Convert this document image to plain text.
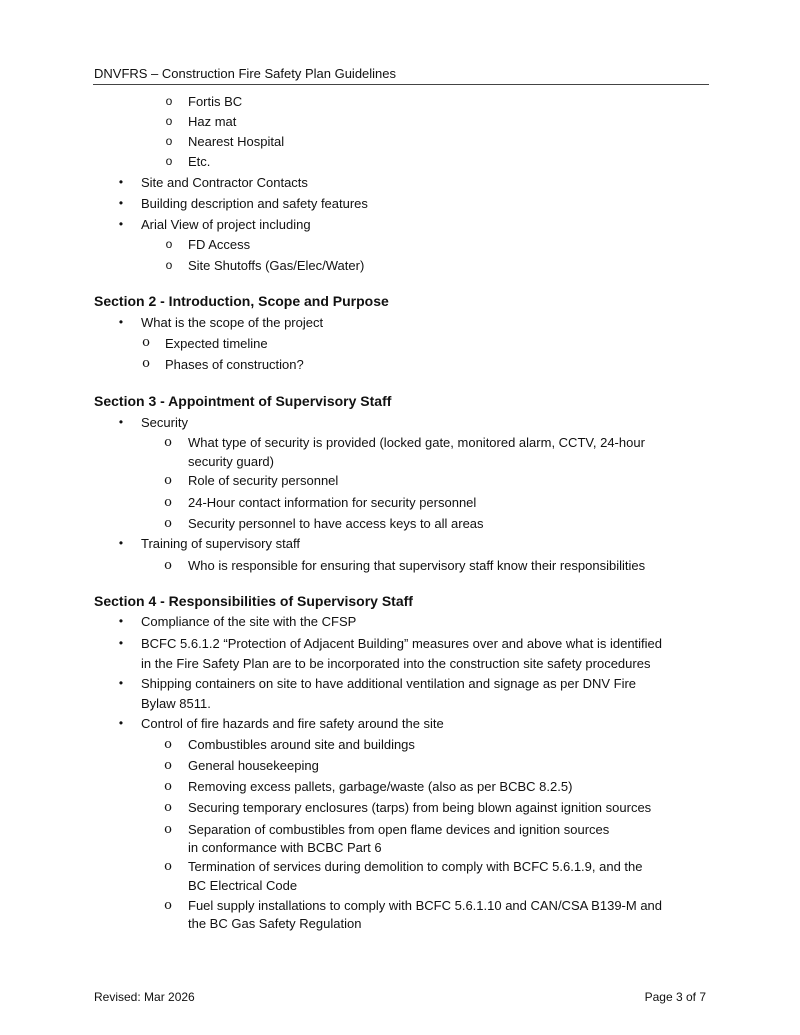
DNVFRS – Construction Fire Safety Plan Guidelines
o Fortis BC
o Haz mat
o Nearest Hospital
o Etc.
• Site and Contractor Contacts
• Building description and safety features
• Arial View of project including
o FD Access
o Site Shutoffs (Gas/Elec/Water)
Section 2 - Introduction, Scope and Purpose
• What is the scope of the project
ο Expected timeline
ο Phases of construction?
Section 3 - Appointment of Supervisory Staff
• Security
ο What type of security is provided (locked gate, monitored alarm, CCTV, 24-hour
security guard)
ο Role of security personnel
ο 24-Hour contact information for security personnel
ο Security personnel to have access keys to all areas
• Training of supervisory staff
ο Who is responsible for ensuring that supervisory staff know their responsibilities
Section 4 - Responsibilities of Supervisory Staff
• Compliance of the site with the CFSP
• BCFC 5.6.1.2 “Protection of Adjacent Building” measures over and above what is identified
in the Fire Safety Plan are to be incorporated into the construction site safety procedures
• Shipping containers on site to have additional ventilation and signage as per DNV Fire
Bylaw 8511.
• Control of fire hazards and fire safety around the site
ο Combustibles around site and buildings
ο General housekeeping
ο Removing excess pallets, garbage/waste (also as per BCBC 8.2.5)
ο Securing temporary enclosures (tarps) from being blown against ignition sources
ο Separation of combustibles from open flame devices and ignition sources
in conformance with BCBC Part 6
ο Termination of services during demolition to comply with BCFC 5.6.1.9, and the
BC Electrical Code
ο Fuel supply installations to comply with BCFC 5.6.1.10 and CAN/CSA B139-M and
the BC Gas Safety Regulation
Revised: Mar 2026	Page 3 of 7
